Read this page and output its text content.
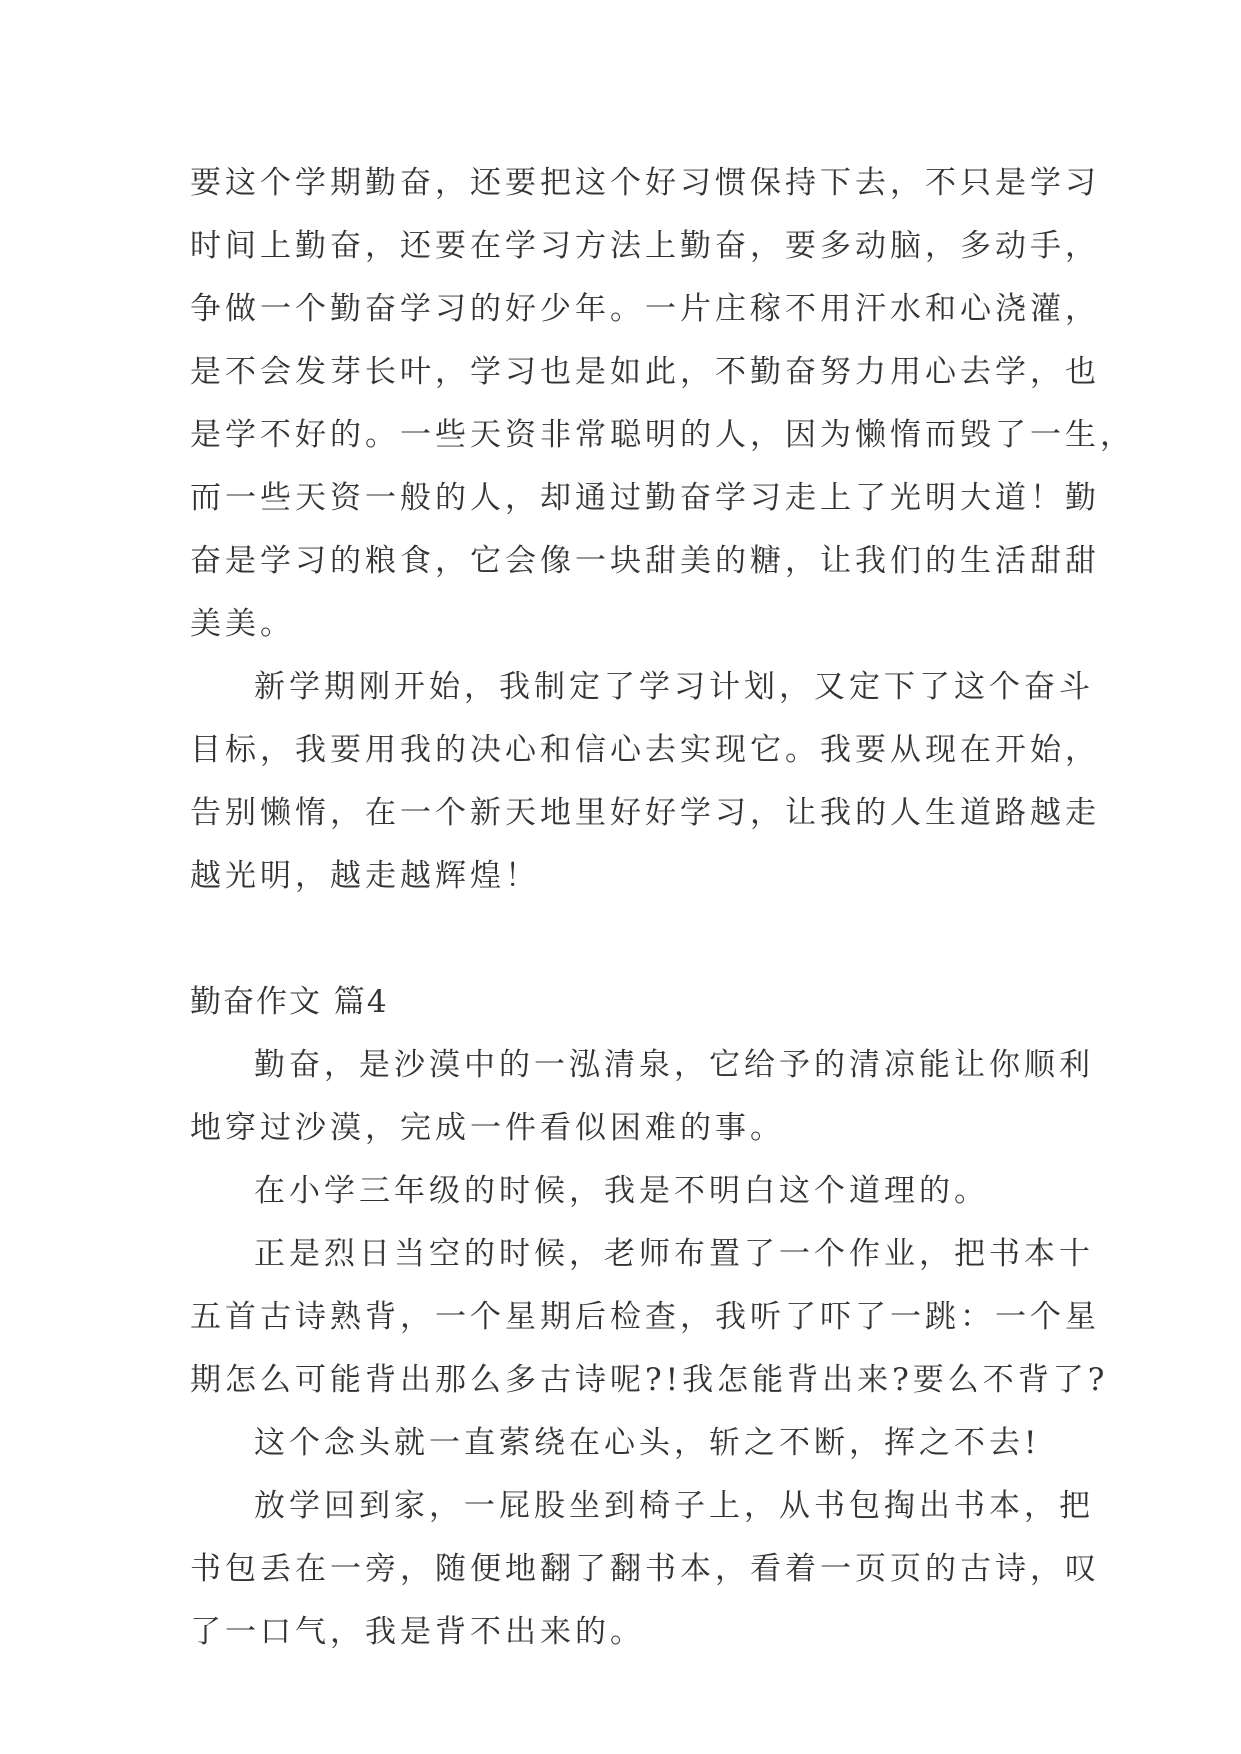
要这个学期勤奋，还要把这个好习惯保持下去，不只是学习
时间上勤奋，还要在学习方法上勤奋，要多动脑，多动手，
争做一个勤奋学习的好少年。一片庄稼不用汗水和心浇灌，
是不会发芽长叶，学习也是如此，不勤奋努力用心去学，也
是学不好的。一些天资非常聪明的人，因为懒惰而毁了一生，
而一些天资一般的人，却通过勤奋学习走上了光明大道！勤
奋是学习的粮食，它会像一块甜美的糖，让我们的生活甜甜
美美。
新学期刚开始，我制定了学习计划，又定下了这个奋斗
目标，我要用我的决心和信心去实现它。我要从现在开始，
告别懒惰，在一个新天地里好好学习，让我的人生道路越走
越光明，越走越辉煌！
勤奋作文 篇4
勤奋，是沙漠中的一泓清泉，它给予的清凉能让你顺利
地穿过沙漠，完成一件看似困难的事。
在小学三年级的时候，我是不明白这个道理的。
正是烈日当空的时候，老师布置了一个作业，把书本十
五首古诗熟背，一个星期后检查，我听了吓了一跳：一个星
期怎么可能背出那么多古诗呢?!我怎能背出来?要么不背了?
这个念头就一直萦绕在心头，斩之不断，挥之不去!
放学回到家，一屁股坐到椅子上，从书包掏出书本，把
书包丢在一旁，随便地翻了翻书本，看着一页页的古诗，叹
了一口气，我是背不出来的。
